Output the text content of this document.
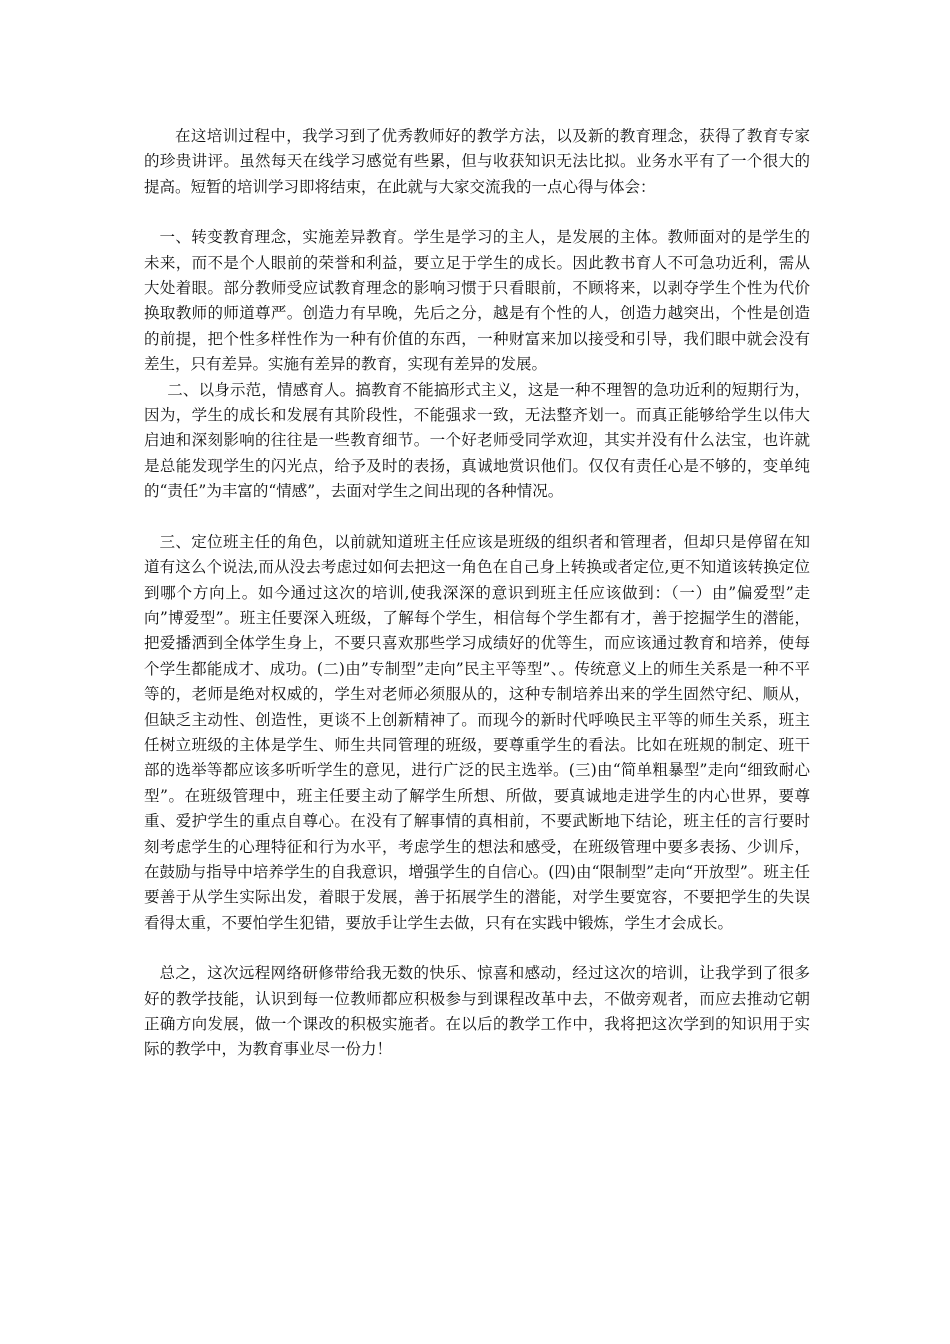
在这培训过程中，我学习到了优秀教师好的教学方法，以及新的教育理念，获得了教育专家的珍贵讲评。虽然每天在线学习感觉有些累，但与收获知识无法比拟。业务水平有了一个很大的提高。短暂的培训学习即将结束，在此就与大家交流我的一点心得与体会：

一、转变教育理念，实施差异教育。学生是学习的主人，是发展的主体。教师面对的是学生的未来，而不是个人眼前的荣誉和利益，要立足于学生的成长。因此教书育人不可急功近利，需从大处着眼。部分教师受应试教育理念的影响习惯于只看眼前，不顾将来，以剥夺学生个性为代价换取教师的师道尊严。创造力有早晚，先后之分，越是有个性的人，创造力越突出，个性是创造的前提，把个性多样性作为一种有价值的东西，一种财富来加以接受和引导，我们眼中就会没有差生，只有差异。实施有差异的教育，实现有差异的发展。

二、以身示范，情感育人。搞教育不能搞形式主义，这是一种不理智的急功近利的短期行为，因为，学生的成长和发展有其阶段性，不能强求一致，无法整齐划一。而真正能够给学生以伟大启迪和深刻影响的往往是一些教育细节。一个好老师受同学欢迎，其实并没有什么法宝，也许就是总能发现学生的闪光点，给予及时的表扬，真诚地赏识他们。仅仅有责任心是不够的，变单纯的“责任”为丰富的“情感”，去面对学生之间出现的各种情况。

三、定位班主任的角色，以前就知道班主任应该是班级的组织者和管理者，但却只是停留在知道有这么个说法,而从没去考虑过如何去把这一角色在自己身上转换或者定位,更不知道该转换定位到哪个方向上。如今通过这次的培训,使我深深的意识到班主任应该做到：（一）由”偏爱型”走向”博爱型”。班主任要深入班级，了解每个学生，相信每个学生都有才，善于挖掘学生的潜能，把爱播洒到全体学生身上，不要只喜欢那些学习成绩好的优等生，而应该通过教育和培养，使每个学生都能成才、成功。(二)由”专制型”走向”民主平等型”、。传统意义上的师生关系是一种不平等的，老师是绝对权威的，学生对老师必须服从的，这种专制培养出来的学生固然守纪、顺从，但缺乏主动性、创造性，更谈不上创新精神了。而现今的新时代呼唤民主平等的师生关系，班主任树立班级的主体是学生、师生共同管理的班级，要尊重学生的看法。比如在班规的制定、班干部的选举等都应该多听听学生的意见，进行广泛的民主选举。(三)由“简单粗暴型”走向“细致耐心型”。在班级管理中，班主任要主动了解学生所想、所做，要真诚地走进学生的内心世界，要尊重、爱护学生的重点自尊心。在没有了解事情的真相前，不要武断地下结论，班主任的言行要时刻考虑学生的心理特征和行为水平，考虑学生的想法和感受，在班级管理中要多表扬、少训斥，在鼓励与指导中培养学生的自我意识，增强学生的自信心。(四)由“限制型”走向“开放型”。班主任要善于从学生实际出发，着眼于发展，善于拓展学生的潜能，对学生要宽容，不要把学生的失误看得太重，不要怕学生犯错，要放手让学生去做，只有在实践中锻炼，学生才会成长。

总之，这次远程网络研修带给我无数的快乐、惊喜和感动，经过这次的培训，让我学到了很多好的教学技能，认识到每一位教师都应积极参与到课程改革中去，不做旁观者，而应去推动它朝正确方向发展，做一个课改的积极实施者。在以后的教学工作中，我将把这次学到的知识用于实际的教学中，为教育事业尽一份力！
